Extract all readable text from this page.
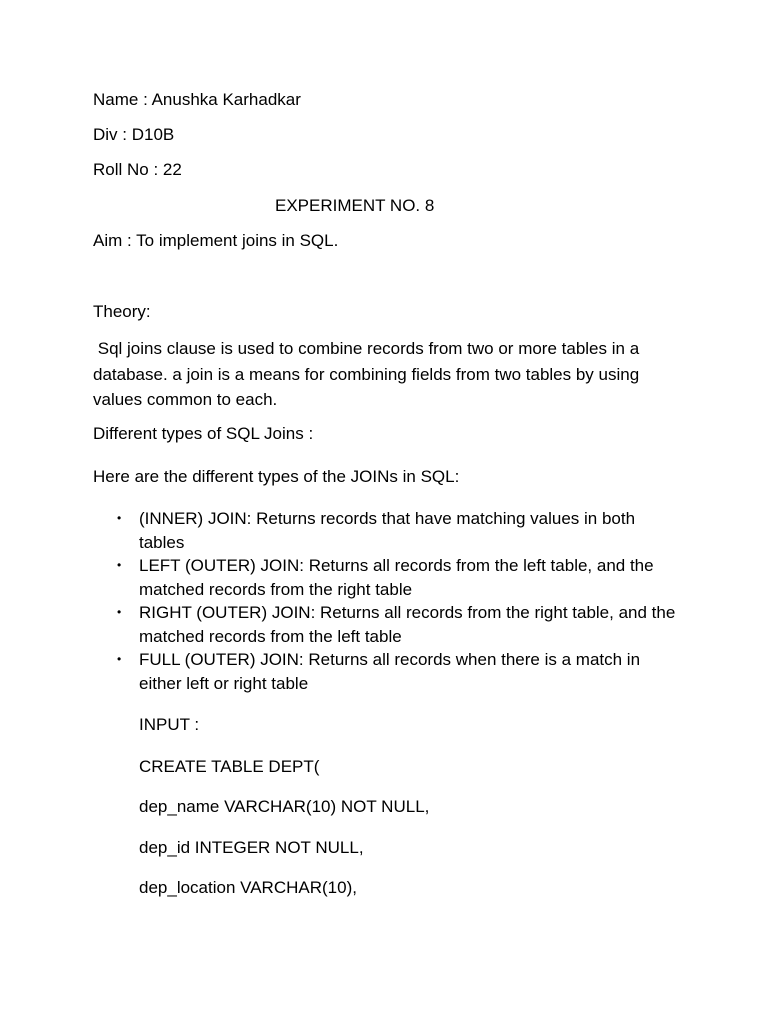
Name : Anushka Karhadkar
Div : D10B
Roll No : 22
EXPERIMENT NO. 8
Aim : To implement joins in SQL.
Theory:
Sql joins clause is used to combine records from two or more tables in a database. a join is a means for combining fields from two tables by using values common to each.
Different types of SQL Joins :
Here are the different types of the JOINs in SQL:
• (INNER) JOIN: Returns records that have matching values in both tables
• LEFT (OUTER) JOIN: Returns all records from the left table, and the matched records from the right table
• RIGHT (OUTER) JOIN: Returns all records from the right table, and the matched records from the left table
• FULL (OUTER) JOIN: Returns all records when there is a match in either left or right table
INPUT :
CREATE TABLE DEPT(
dep_name VARCHAR(10) NOT NULL,
dep_id INTEGER NOT NULL,
dep_location VARCHAR(10),
